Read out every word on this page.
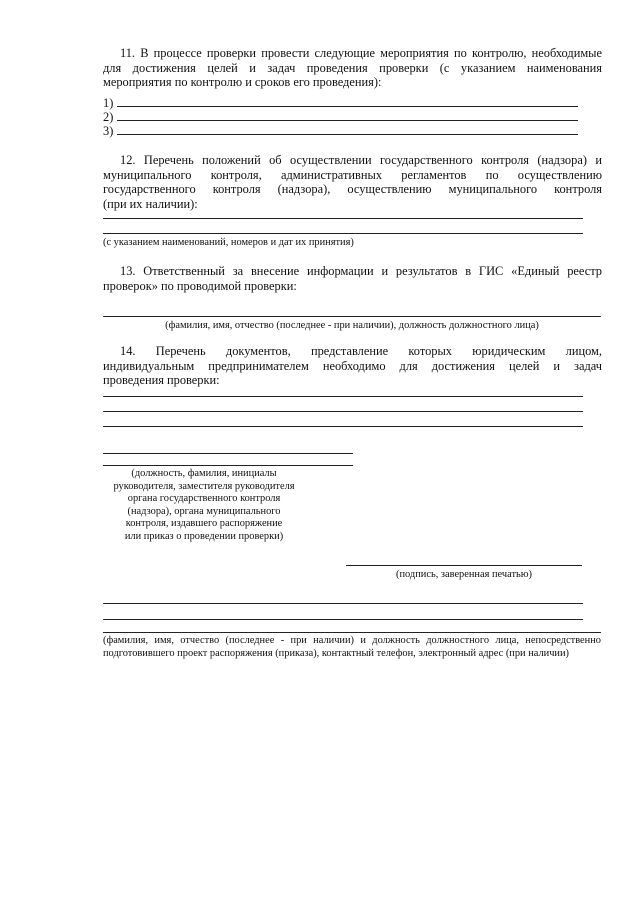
11. В процессе проверки провести следующие мероприятия по контролю, необходимые
для достижения целей и задач проведения проверки (с указанием наименования
мероприятия по контролю и сроков его проведения):
1)
2)
3)
12. Перечень положений об осуществлении государственного контроля (надзора) и
муниципального контроля, административных регламентов по осуществлению
государственного контроля (надзора), осуществлению муниципального контроля
(при их наличии):
(с указанием наименований, номеров и дат их принятия)
13. Ответственный за внесение информации и результатов в ГИС «Единый реестр
проверок» по проводимой проверки:
(фамилия, имя, отчество (последнее - при наличии), должность должностного лица)
14. Перечень документов, представление которых юридическим лицом,
индивидуальным предпринимателем необходимо для достижения целей и задач
проведения проверки:
(должность, фамилия, инициалы
руководителя, заместителя руководителя
органа государственного контроля
(надзора), органа муниципального
контроля, издавшего распоряжение
или приказ о проведении проверки)
(подпись, заверенная печатью)
(фамилия, имя, отчество (последнее - при наличии) и должность должностного лица, непосредственно
подготовившего проект распоряжения (приказа), контактный телефон, электронный адрес (при наличии)
